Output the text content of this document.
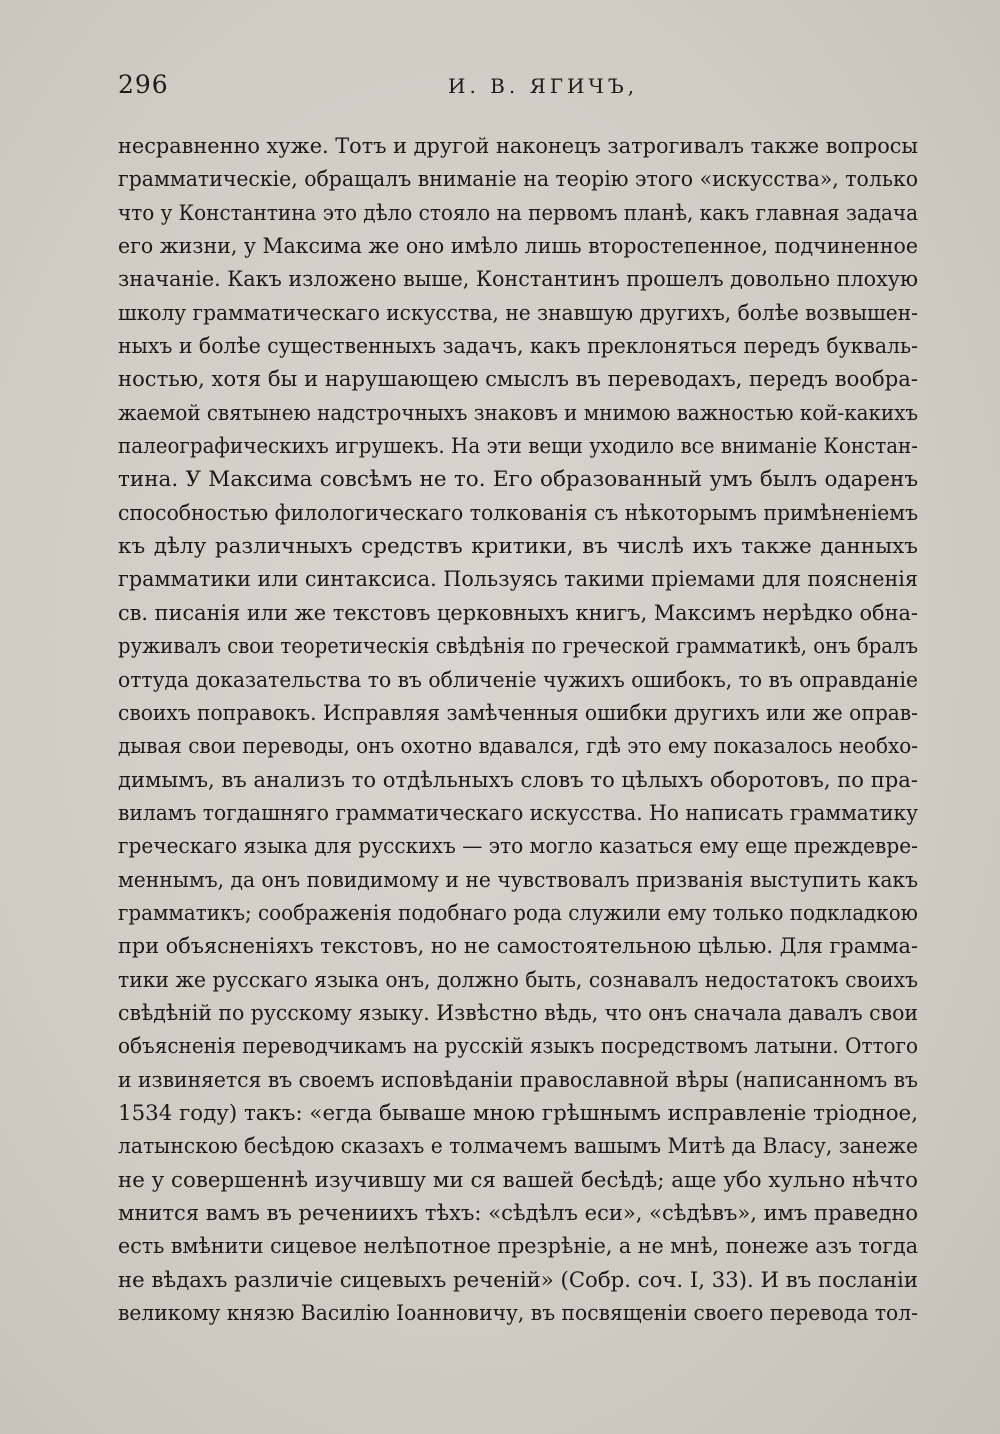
296	И. В. ЯГИЧЪ,
несравненно хуже. Тотъ и другой наконецъ затрогивалъ также вопросы
грамматическіе, обращалъ вниманіе на теорію этого «искусства», только
что у Константина это дѣло стояло на первомъ планѣ, какъ главная задача
его жизни, у Максима же оно имѣло лишь второстепенное, подчиненное
значаніе. Какъ изложено выше, Константинъ прошелъ довольно плохую
школу грамматическаго искусства, не знавшую другихъ, болѣе возвышен-
ныхъ и болѣе существенныхъ задачъ, какъ преклоняться передъ букваль-
ностью, хотя бы и нарушающею смыслъ въ переводахъ, передъ вообра-
жаемой святынею надстрочныхъ знаковъ и мнимою важностью кой-какихъ
палеографическихъ игрушекъ. На эти вещи уходило все вниманіе Констан-
тина. У Максима совсѣмъ не то. Его образованный умъ былъ одаренъ
способностью филологическаго толкованія съ нѣкоторымъ примѣненіемъ
къ дѣлу различныхъ средствъ критики, въ числѣ ихъ также данныхъ
грамматики или синтаксиса. Пользуясь такими пріемами для поясненія
св. писанія или же текстовъ церковныхъ книгъ, Максимъ нерѣдко обна-
руживалъ свои теоретическія свѣдѣнія по греческой грамматикѣ, онъ бралъ
оттуда доказательства то въ обличеніе чужихъ ошибокъ, то въ оправданіе
своихъ поправокъ. Исправляя замѣченныя ошибки другихъ или же оправ-
дывая свои переводы, онъ охотно вдавался, гдѣ это ему показалось необхо-
димымъ, въ анализъ то отдѣльныхъ словъ то цѣлыхъ оборотовъ, по пра-
виламъ тогдашняго грамматическаго искусства. Но написать грамматику
греческаго языка для русскихъ — это могло казаться ему еще преждевре-
меннымъ, да онъ повидимому и не чувствовалъ призванія выступить какъ
грамматикъ; соображенія подобнаго рода служили ему только подкладкою
при объясненіяхъ текстовъ, но не самостоятельною цѣлью. Для грамма-
тики же русскаго языка онъ, должно быть, сознавалъ недостатокъ своихъ
свѣдѣній по русскому языку. Извѣстно вѣдь, что онъ сначала давалъ свои
объясненія переводчикамъ на русскій языкъ посредствомъ латыни. Оттого
и извиняется въ своемъ исповѣданіи православной вѣры (написанномъ въ
1534 году) такъ: «егда бываше мною грѣшнымъ исправленіе тріодное,
латынскою бесѣдою сказахъ е толмачемъ вашымъ Митѣ да Власу, занеже
не у совершеннѣ изучившу ми ся вашей бесѣдѣ; аще убо хульно нѣчто
мнится вамъ въ речениихъ тѣхъ: «сѣдѣлъ еси», «сѣдѣвъ», имъ праведно
есть вмѣнити сицевое нелѣпотное презрѣніе, а не мнѣ, понеже азъ тогда
не вѣдахъ различіе сицевыхъ реченій» (Собр. соч. I, 33). И въ посланіи
великому князю Василію Іоанновичу, въ посвященіи своего перевода тол-
